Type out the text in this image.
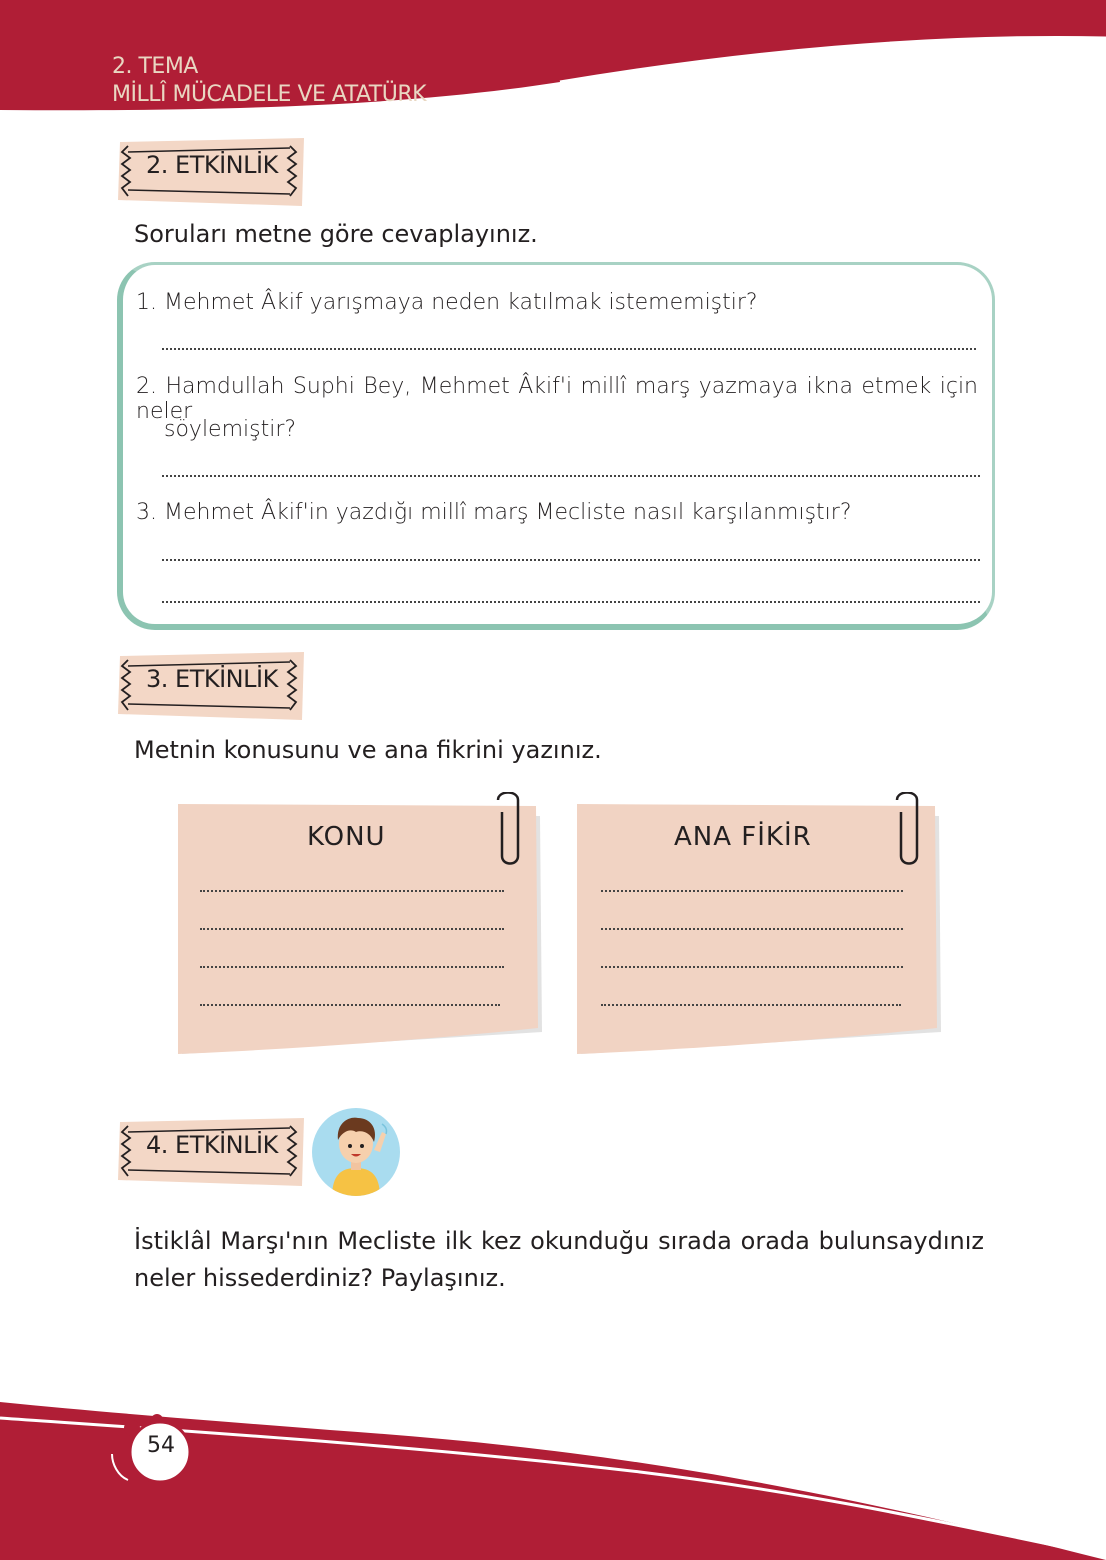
2. TEMA
MİLLÎ MÜCADELE VE ATATÜRK
2. ETKİNLİK
Soruları metne göre cevaplayınız.
1. Mehmet Âkif yarışmaya neden katılmak istememiştir?
2. Hamdullah Suphi Bey, Mehmet Âkif'i millî marş yazmaya ikna etmek için neler
söylemiştir?
3. Mehmet Âkif'in yazdığı millî marş Mecliste nasıl karşılanmıştır?
3. ETKİNLİK
Metnin konusunu ve ana fikrini yazınız.
KONU	ANA FİKİR
4. ETKİNLİK
İstiklâl Marşı'nın Mecliste ilk kez okunduğu sırada orada bulunsaydınız
neler hissederdiniz? Paylaşınız.
54
